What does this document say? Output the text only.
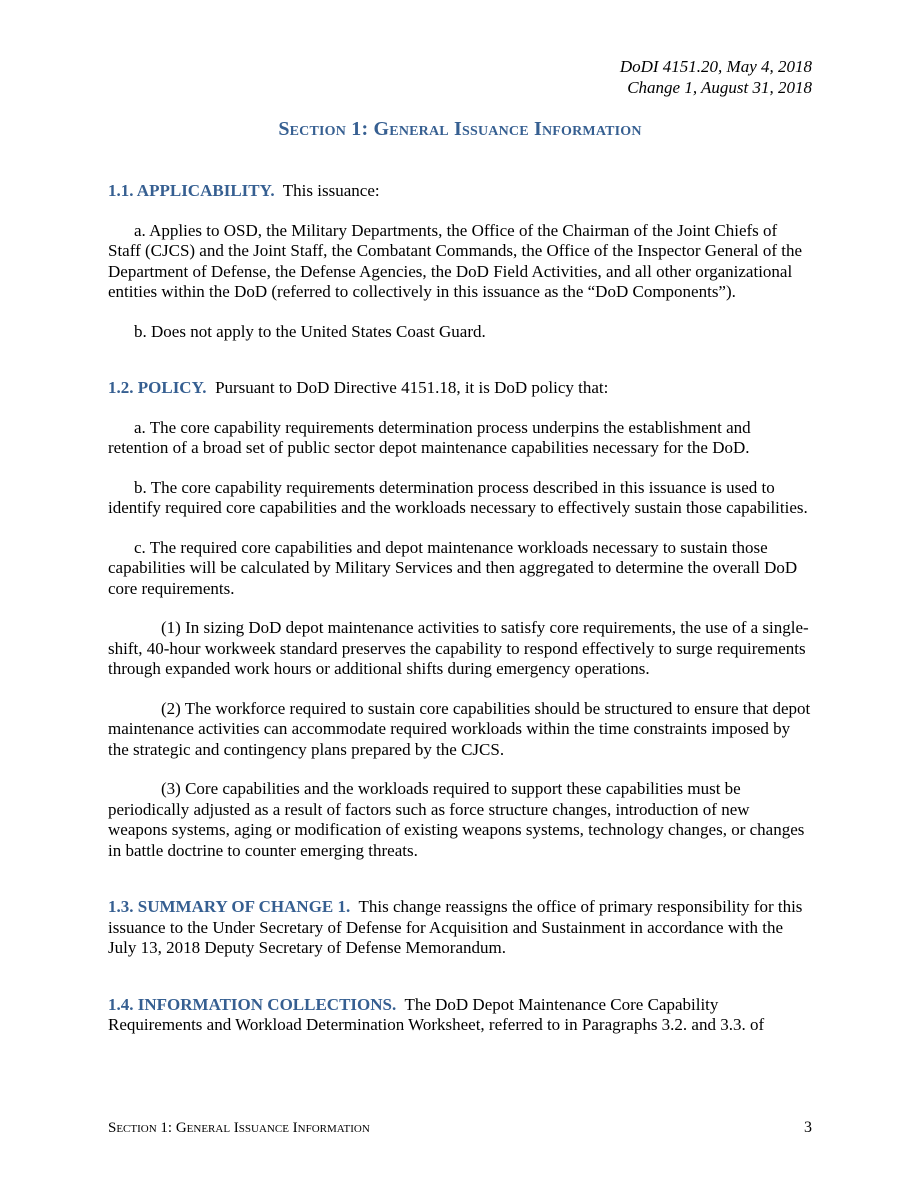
DoDI 4151.20, May 4, 2018
Change 1, August 31, 2018
Section 1: General Issuance Information

1.1. APPLICABILITY. This issuance:

a. Applies to OSD, the Military Departments, the Office of the Chairman of the Joint Chiefs of Staff (CJCS) and the Joint Staff, the Combatant Commands, the Office of the Inspector General of the Department of Defense, the Defense Agencies, the DoD Field Activities, and all other organizational entities within the DoD (referred to collectively in this issuance as the “DoD Components”).

b. Does not apply to the United States Coast Guard.

1.2. POLICY. Pursuant to DoD Directive 4151.18, it is DoD policy that:

a. The core capability requirements determination process underpins the establishment and retention of a broad set of public sector depot maintenance capabilities necessary for the DoD.

b. The core capability requirements determination process described in this issuance is used to identify required core capabilities and the workloads necessary to effectively sustain those capabilities.

c. The required core capabilities and depot maintenance workloads necessary to sustain those capabilities will be calculated by Military Services and then aggregated to determine the overall DoD core requirements.

(1) In sizing DoD depot maintenance activities to satisfy core requirements, the use of a single-shift, 40-hour workweek standard preserves the capability to respond effectively to surge requirements through expanded work hours or additional shifts during emergency operations.

(2) The workforce required to sustain core capabilities should be structured to ensure that depot maintenance activities can accommodate required workloads within the time constraints imposed by the strategic and contingency plans prepared by the CJCS.

(3) Core capabilities and the workloads required to support these capabilities must be periodically adjusted as a result of factors such as force structure changes, introduction of new weapons systems, aging or modification of existing weapons systems, technology changes, or changes in battle doctrine to counter emerging threats.

1.3. SUMMARY OF CHANGE 1. This change reassigns the office of primary responsibility for this issuance to the Under Secretary of Defense for Acquisition and Sustainment in accordance with the July 13, 2018 Deputy Secretary of Defense Memorandum.

1.4. INFORMATION COLLECTIONS. The DoD Depot Maintenance Core Capability Requirements and Workload Determination Worksheet, referred to in Paragraphs 3.2. and 3.3. of

Section 1: General Issuance Information	3
